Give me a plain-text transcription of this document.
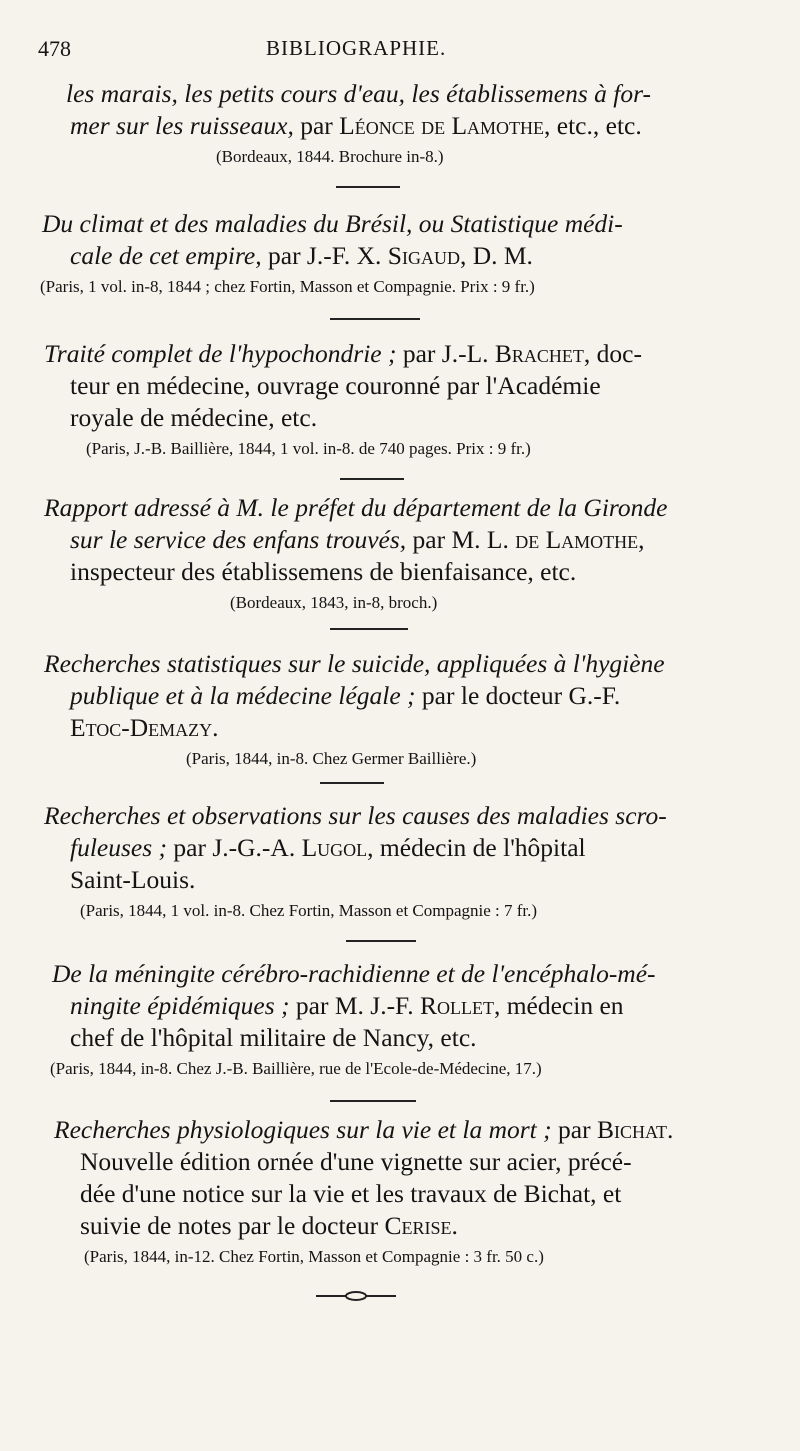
478	BIBLIOGRAPHIE.
les marais, les petits cours d'eau, les établissemens à for-
mer sur les ruisseaux, par Léonce de Lamothe, etc., etc.
(Bordeaux, 1844. Brochure in-8.)
Du climat et des maladies du Brésil, ou Statistique médi-
cale de cet empire, par J.-F. X. Sigaud, D. M.
(Paris, 1 vol. in-8, 1844 ; chez Fortin, Masson et Compagnie. Prix : 9 fr.)
Traité complet de l'hypochondrie ; par J.-L. Brachet, doc-
teur en médecine, ouvrage couronné par l'Académie
royale de médecine, etc.
(Paris, J.-B. Baillière, 1844, 1 vol. in-8. de 740 pages. Prix : 9 fr.)
Rapport adressé à M. le préfet du département de la Gironde
sur le service des enfans trouvés, par M. L. de Lamothe,
inspecteur des établissemens de bienfaisance, etc.
(Bordeaux, 1843, in-8, broch.)
Recherches statistiques sur le suicide, appliquées à l'hygiène
publique et à la médecine légale ; par le docteur G.-F.
Etoc-Demazy.
(Paris, 1844, in-8. Chez Germer Baillière.)
Recherches et observations sur les causes des maladies scro-
fuleuses ; par J.-G.-A. Lugol, médecin de l'hôpital
Saint-Louis.
(Paris, 1844, 1 vol. in-8. Chez Fortin, Masson et Compagnie : 7 fr.)
De la méningite cérébro-rachidienne et de l'encéphalo-mé-
ningite épidémiques ; par M. J.-F. Rollet, médecin en
chef de l'hôpital militaire de Nancy, etc.
(Paris, 1844, in-8. Chez J.-B. Baillière, rue de l'Ecole-de-Médecine, 17.)
Recherches physiologiques sur la vie et la mort ; par Bichat.
Nouvelle édition ornée d'une vignette sur acier, précé-
dée d'une notice sur la vie et les travaux de Bichat, et
suivie de notes par le docteur Cerise.
(Paris, 1844, in-12. Chez Fortin, Masson et Compagnie : 3 fr. 50 c.)
